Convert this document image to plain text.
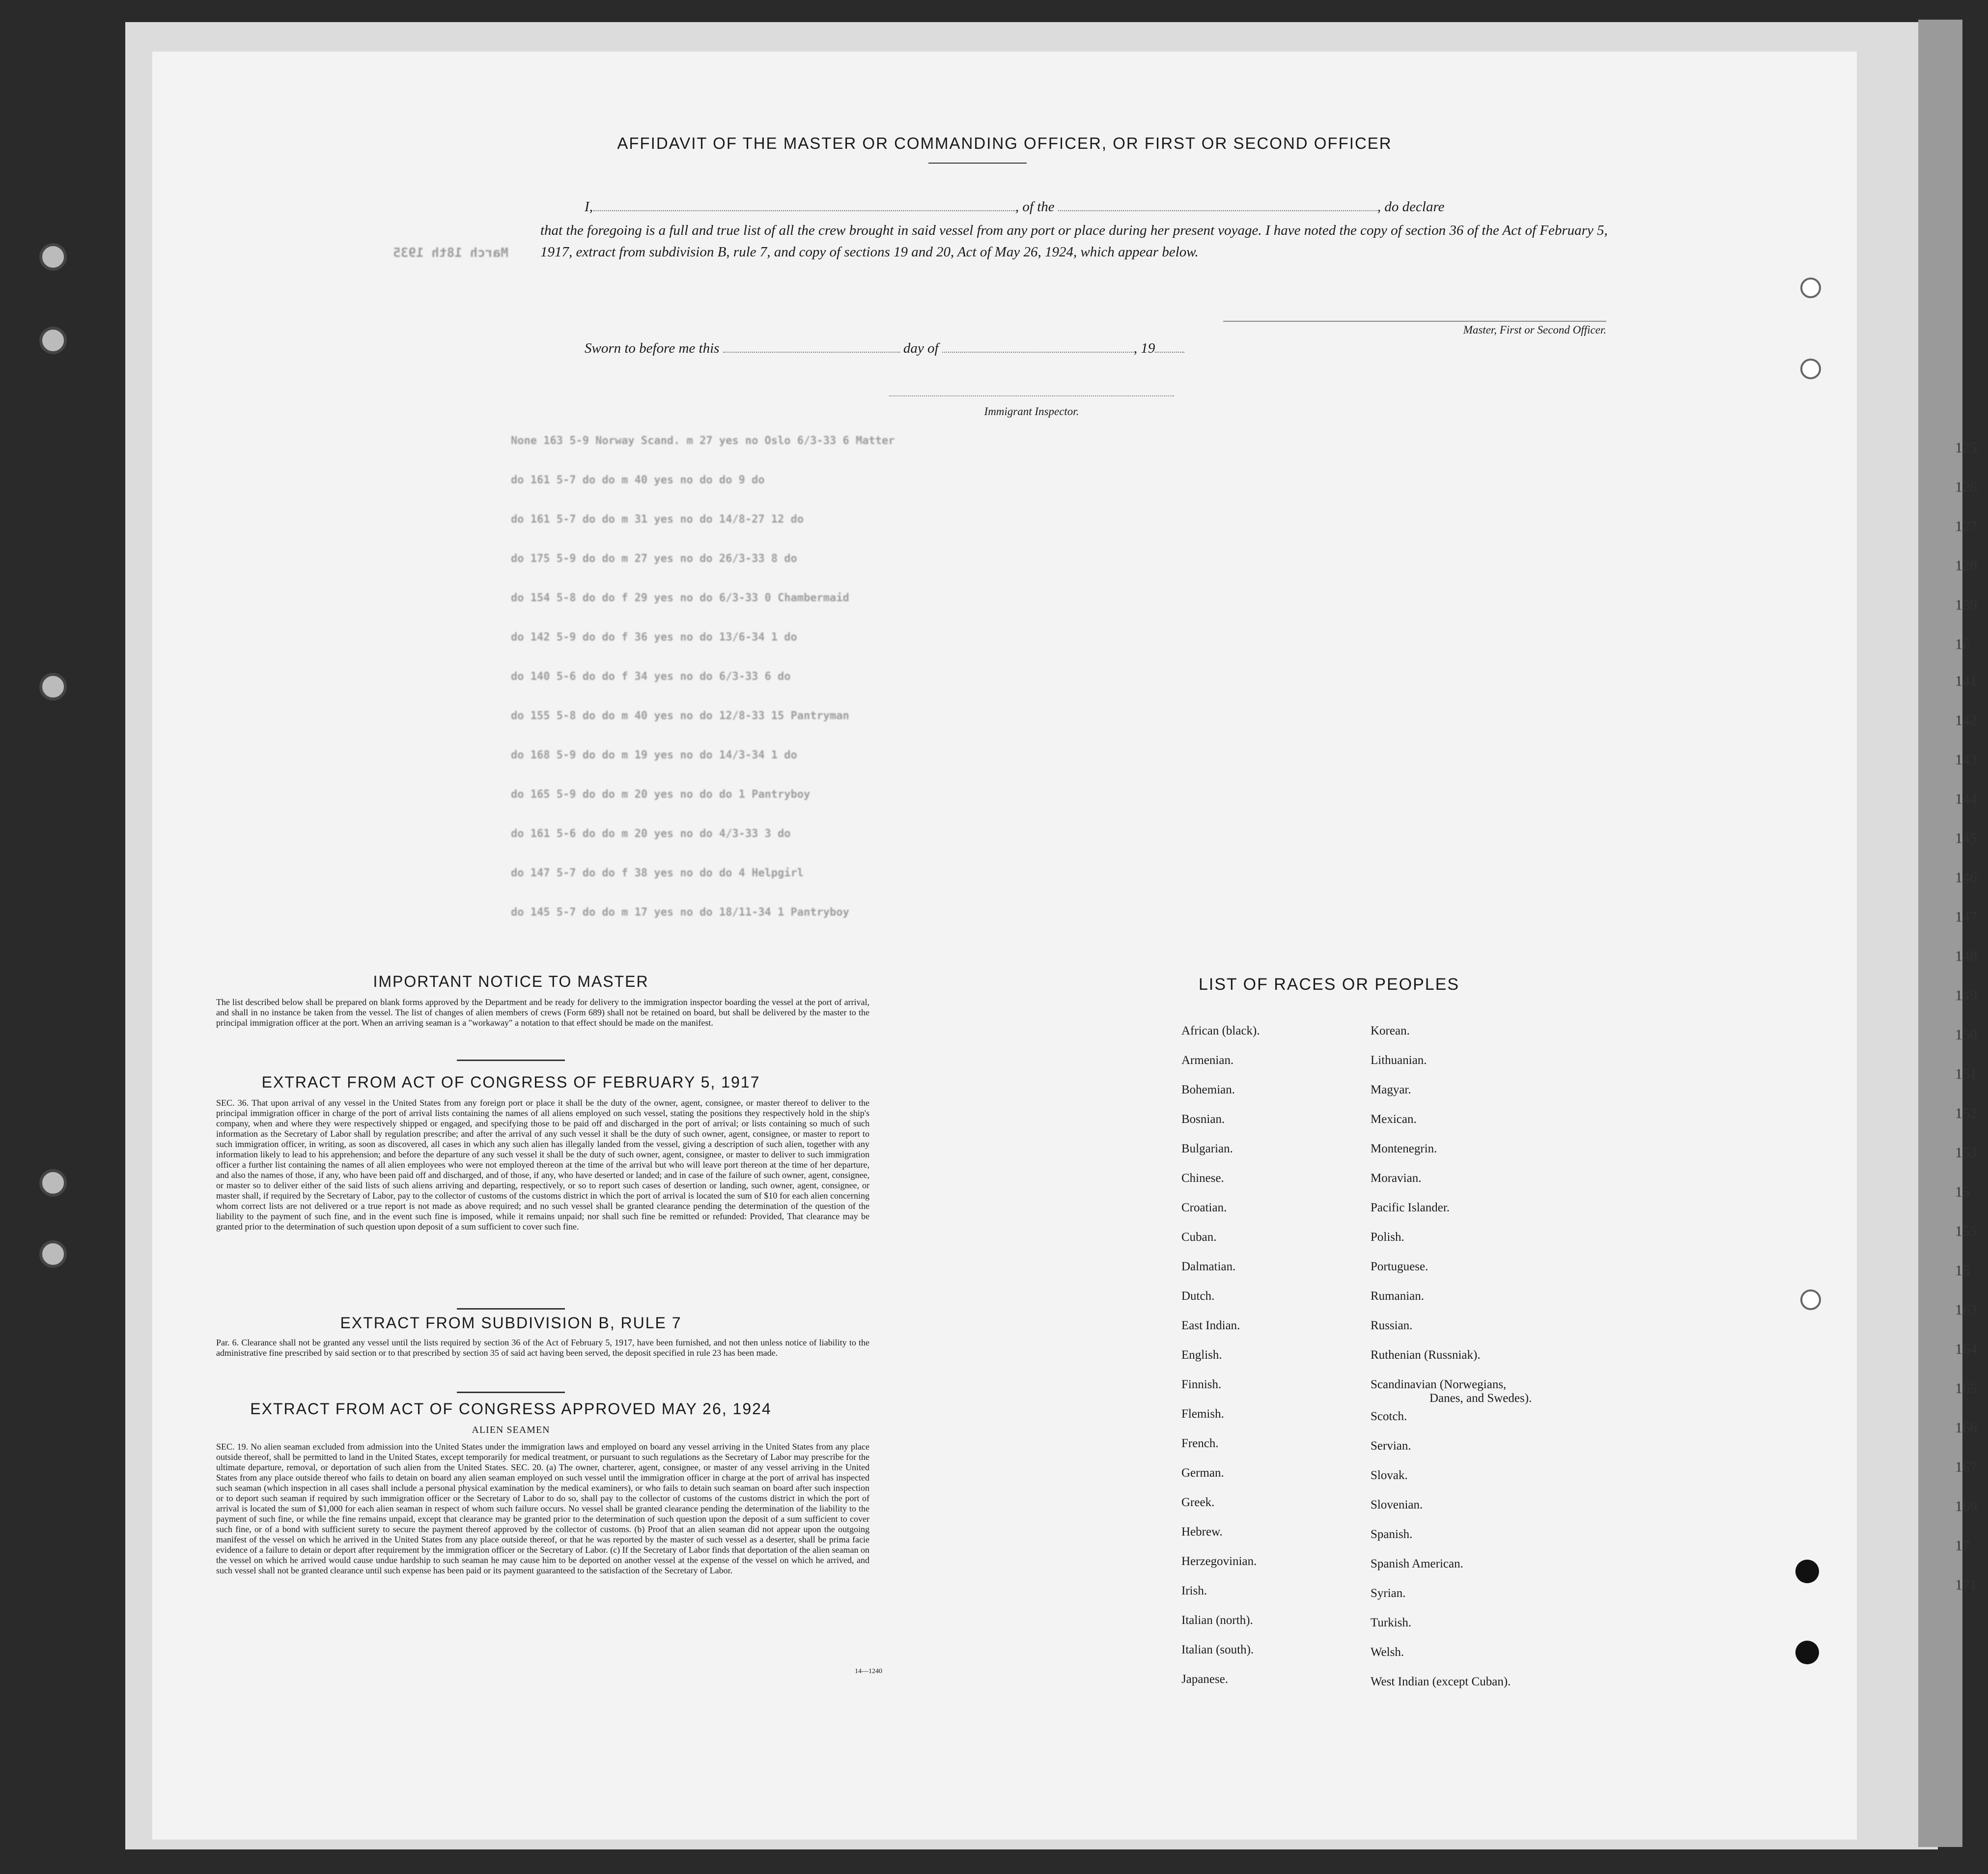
AFFIDAVIT OF THE MASTER OR COMMANDING OFFICER, OR FIRST OR SECOND OFFICER
I,	, of the	, do declare
that the foregoing is a full and true list of all the crew brought in said vessel from any port or place during her present voyage. I have noted the copy of section 36 of the Act of February 5, 1917, extract from subdivision B, rule 7, and copy of sections 19 and 20, Act of May 26, 1924, which appear below.
Master, First or Second Officer.
Sworn to before me this	day of	, 19
Immigrant Inspector.
March 18th 1935
None 163 5-9 Norway Scand. m 27 yes no Oslo 6/3-33 6 Matter
do 161 5-7 do do m 40 yes no do do 9 do
do 161 5-7 do do m 31 yes no do 14/8-27 12 do
do 175 5-9 do do m 27 yes no do 26/3-33 8 do
do 154 5-8 do do f 29 yes no do 6/3-33 0 Chambermaid
do 142 5-9 do do f 36 yes no do 13/6-34 1 do
do 140 5-6 do do f 34 yes no do 6/3-33 6 do
do 155 5-8 do do m 40 yes no do 12/8-33 15 Pantryman
do 168 5-9 do do m 19 yes no do 14/3-34 1 do
do 165 5-9 do do m 20 yes no do do 1 Pantryboy
do 161 5-6 do do m 20 yes no do 4/3-33 3 do
do 147 5-7 do do f 38 yes no do do 4 Helpgirl
do 145 5-7 do do m 17 yes no do 18/11-34 1 Pantryboy
125
126
127
128
139
1∂
141
142
143
144
145
146
147
148
149
150
151
152
153
15
155
15
163
164
165
166
167
169
17
171
IMPORTANT NOTICE TO MASTER
The list described below shall be prepared on blank forms approved by the Department and be ready for delivery to the immigration inspector boarding the vessel at the port of arrival, and shall in no instance be taken from the vessel. The list of changes of alien members of crews (Form 689) shall not be retained on board, but shall be delivered by the master to the principal immigration officer at the port. When an arriving seaman is a "workaway" a notation to that effect should be made on the manifest.
EXTRACT FROM ACT OF CONGRESS OF FEBRUARY 5, 1917
SEC. 36. That upon arrival of any vessel in the United States from any foreign port or place it shall be the duty of the owner, agent, consignee, or master thereof to deliver to the principal immigration officer in charge of the port of arrival lists containing the names of all aliens employed on such vessel, stating the positions they respectively hold in the ship's company, when and where they were respectively shipped or engaged, and specifying those to be paid off and discharged in the port of arrival; or lists containing so much of such information as the Secretary of Labor shall by regulation prescribe; and after the arrival of any such vessel it shall be the duty of such owner, agent, consignee, or master to report to such immigration officer, in writing, as soon as discovered, all cases in which any such alien has illegally landed from the vessel, giving a description of such alien, together with any information likely to lead to his apprehension; and before the departure of any such vessel it shall be the duty of such owner, agent, consignee, or master to deliver to such immigration officer a further list containing the names of all alien employees who were not employed thereon at the time of the arrival but who will leave port thereon at the time of her departure, and also the names of those, if any, who have been paid off and discharged, and of those, if any, who have deserted or landed; and in case of the failure of such owner, agent, consignee, or master so to deliver either of the said lists of such aliens arriving and departing, respectively, or so to report such cases of desertion or landing, such owner, agent, consignee, or master shall, if required by the Secretary of Labor, pay to the collector of customs of the customs district in which the port of arrival is located the sum of $10 for each alien concerning whom correct lists are not delivered or a true report is not made as above required; and no such vessel shall be granted clearance pending the determination of the question of the liability to the payment of such fine, and in the event such fine is imposed, while it remains unpaid; nor shall such fine be remitted or refunded: Provided, That clearance may be granted prior to the determination of such question upon deposit of a sum sufficient to cover such fine.
EXTRACT FROM SUBDIVISION B, RULE 7
Par. 6. Clearance shall not be granted any vessel until the lists required by section 36 of the Act of February 5, 1917, have been furnished, and not then unless notice of liability to the administrative fine prescribed by said section or to that prescribed by section 35 of said act having been served, the deposit specified in rule 23 has been made.
EXTRACT FROM ACT OF CONGRESS APPROVED MAY 26, 1924
ALIEN SEAMEN
SEC. 19. No alien seaman excluded from admission into the United States under the immigration laws and employed on board any vessel arriving in the United States from any place outside thereof, shall be permitted to land in the United States, except temporarily for medical treatment, or pursuant to such regulations as the Secretary of Labor may prescribe for the ultimate departure, removal, or deportation of such alien from the United States. SEC. 20. (a) The owner, charterer, agent, consignee, or master of any vessel arriving in the United States from any place outside thereof who fails to detain on board any alien seaman employed on such vessel until the immigration officer in charge at the port of arrival has inspected such seaman (which inspection in all cases shall include a personal physical examination by the medical examiners), or who fails to detain such seaman on board after such inspection or to deport such seaman if required by such immigration officer or the Secretary of Labor to do so, shall pay to the collector of customs of the customs district in which the port of arrival is located the sum of $1,000 for each alien seaman in respect of whom such failure occurs. No vessel shall be granted clearance pending the determination of the liability to the payment of such fine, or while the fine remains unpaid, except that clearance may be granted prior to the determination of such question upon the deposit of a sum sufficient to cover such fine, or of a bond with sufficient surety to secure the payment thereof approved by the collector of customs. (b) Proof that an alien seaman did not appear upon the outgoing manifest of the vessel on which he arrived in the United States from any place outside thereof, or that he was reported by the master of such vessel as a deserter, shall be prima facie evidence of a failure to detain or deport after requirement by the immigration officer or the Secretary of Labor. (c) If the Secretary of Labor finds that deportation of the alien seaman on the vessel on which he arrived would cause undue hardship to such seaman he may cause him to be deported on another vessel at the expense of the vessel on which he arrived, and such vessel shall not be granted clearance until such expense has been paid or its payment guaranteed to the satisfaction of the Secretary of Labor.
14—1240
LIST OF RACES OR PEOPLES
African (black).
Armenian.
Bohemian.
Bosnian.
Bulgarian.
Chinese.
Croatian.
Cuban.
Dalmatian.
Dutch.
East Indian.
English.
Finnish.
Flemish.
French.
German.
Greek.
Hebrew.
Herzegovinian.
Irish.
Italian (north).
Italian (south).
Japanese.
Korean.
Lithuanian.
Magyar.
Mexican.
Montenegrin.
Moravian.
Pacific Islander.
Polish.
Portuguese.
Rumanian.
Russian.
Ruthenian (Russniak).
Scandinavian (Norwegians,
Danes, and Swedes).
Scotch.
Servian.
Slovak.
Slovenian.
Spanish.
Spanish American.
Syrian.
Turkish.
Welsh.
West Indian (except Cuban).
